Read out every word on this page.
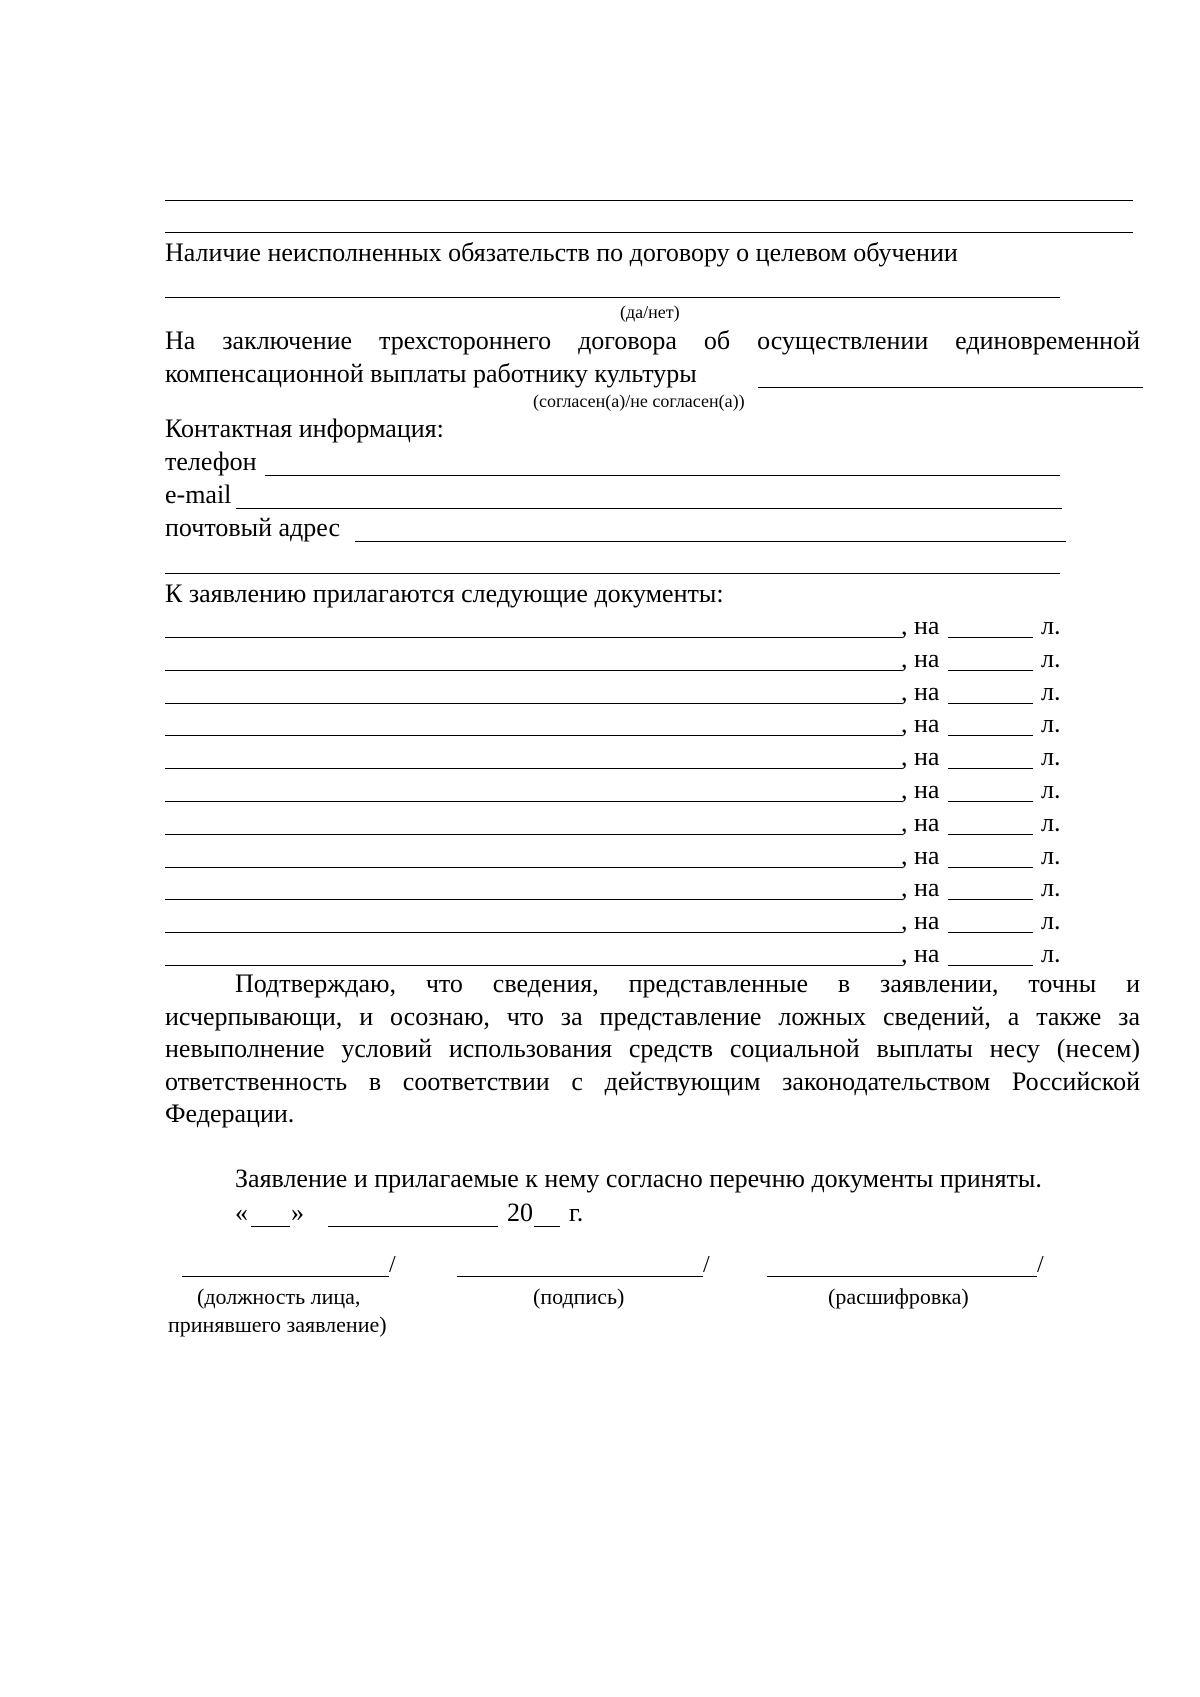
Наличие неисполненных обязательств по договору о целевом обучении
(да/нет)
На заключение трехстороннего договора об осуществлении единовременной
компенсационной выплаты работнику культуры
(согласен(а)/не согласен(а))
Контактная информация:
телефон
e-mail
почтовый адрес
К заявлению прилагаются следующие документы:
, на	л.
, на	л.
, на	л.
, на	л.
, на	л.
, на	л.
, на	л.
, на	л.
, на	л.
, на	л.
, на	л.
Подтверждаю, что сведения, представленные в заявлении, точны и исчерпывающи, и осознаю, что за представление ложных сведений, а также за невыполнение условий использования средств социальной выплаты несу (несем) ответственность в соответствии с действующим законодательством Российской Федерации.
Заявление и прилагаемые к нему согласно перечню документы приняты.
« »	20 г.
/	/	/
(должность лица,
принявшего заявление)
(подпись)	(расшифровка)
